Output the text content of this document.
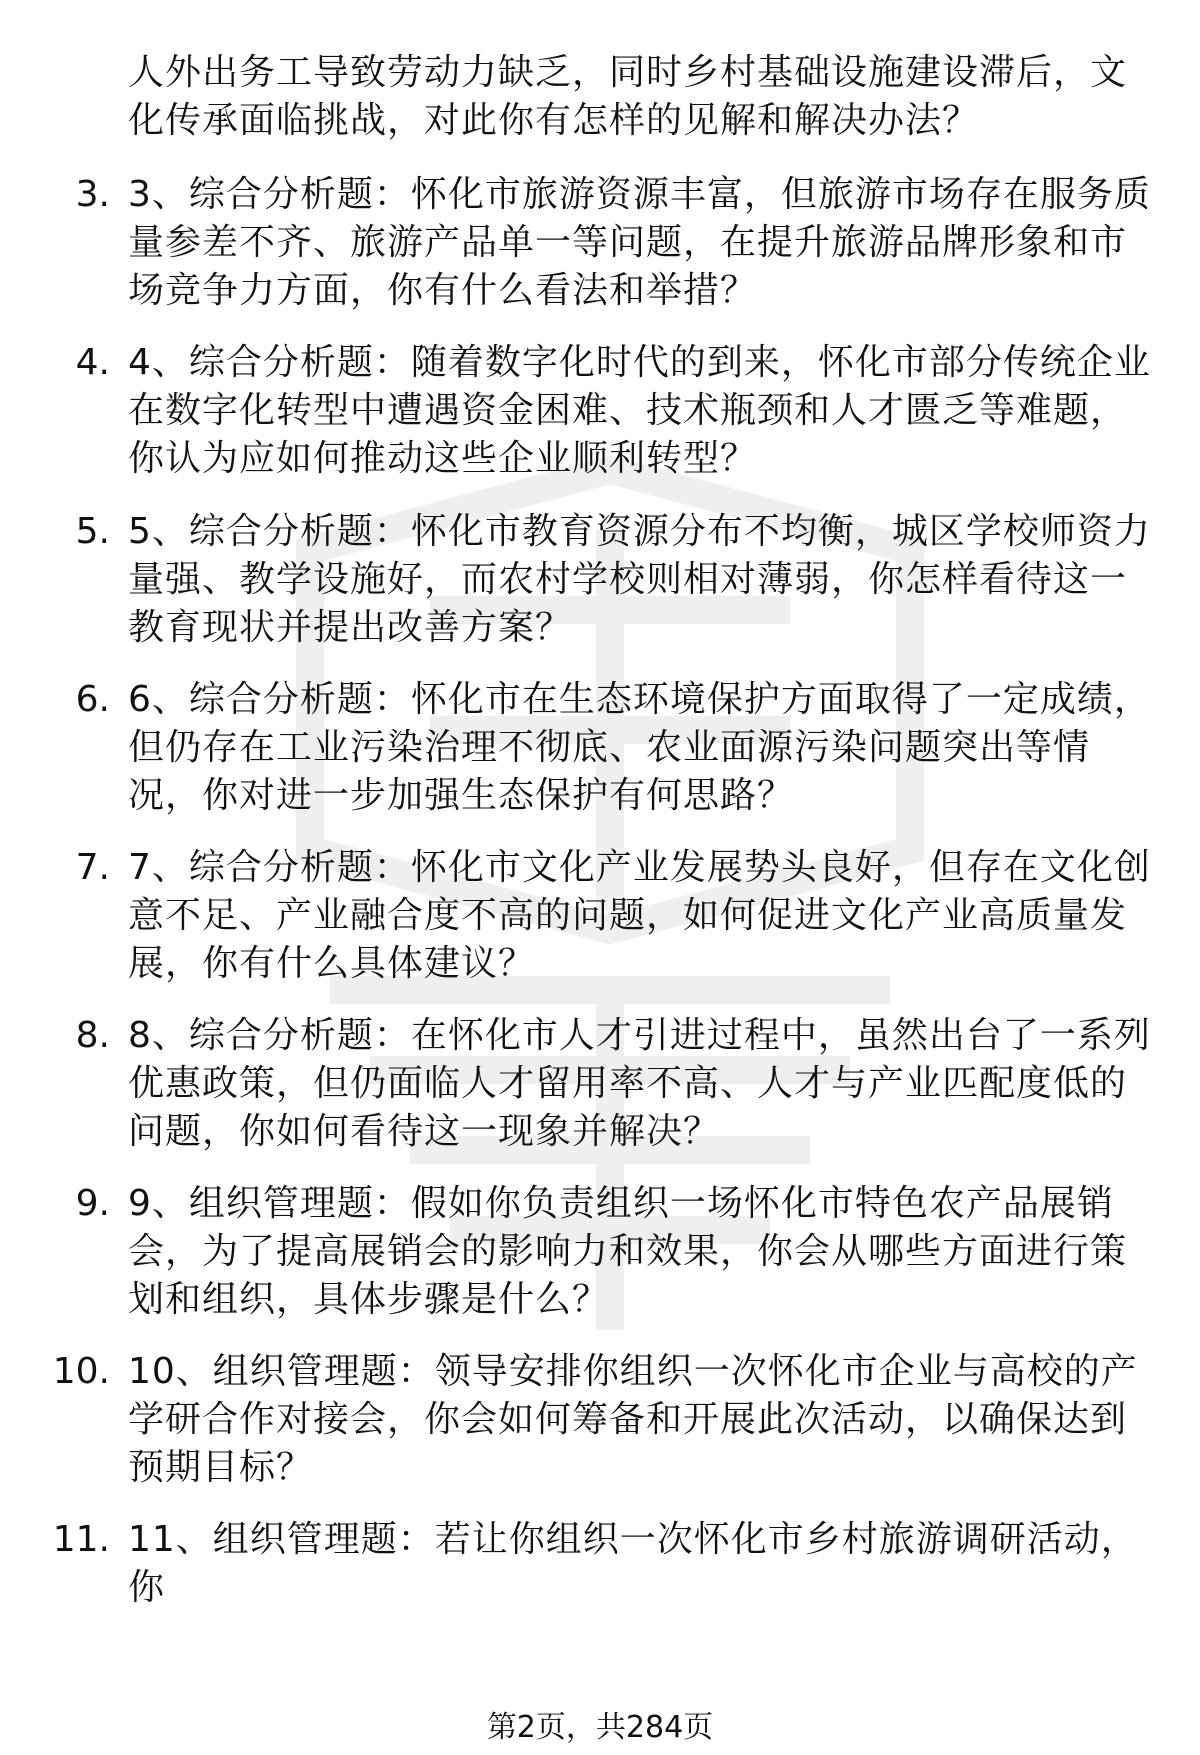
人外出务工导致劳动力缺乏，同时乡村基础设施建设滞后，文化传承面临挑战，对此你有怎样的见解和解决办法？
3. 3、综合分析题：怀化市旅游资源丰富，但旅游市场存在服务质量参差不齐、旅游产品单一等问题，在提升旅游品牌形象和市场竞争力方面，你有什么看法和举措？
4. 4、综合分析题：随着数字化时代的到来，怀化市部分传统企业在数字化转型中遭遇资金困难、技术瓶颈和人才匮乏等难题，你认为应如何推动这些企业顺利转型？
5. 5、综合分析题：怀化市教育资源分布不均衡，城区学校师资力量强、教学设施好，而农村学校则相对薄弱，你怎样看待这一教育现状并提出改善方案？
6. 6、综合分析题：怀化市在生态环境保护方面取得了一定成绩，但仍存在工业污染治理不彻底、农业面源污染问题突出等情况，你对进一步加强生态保护有何思路？
7. 7、综合分析题：怀化市文化产业发展势头良好，但存在文化创意不足、产业融合度不高的问题，如何促进文化产业高质量发展，你有什么具体建议？
8. 8、综合分析题：在怀化市人才引进过程中，虽然出台了一系列优惠政策，但仍面临人才留用率不高、人才与产业匹配度低的问题，你如何看待这一现象并解决？
9. 9、组织管理题：假如你负责组织一场怀化市特色农产品展销会，为了提高展销会的影响力和效果，你会从哪些方面进行策划和组织，具体步骤是什么？
10. 10、组织管理题：领导安排你组织一次怀化市企业与高校的产学研合作对接会，你会如何筹备和开展此次活动，以确保达到预期目标？
11. 11、组织管理题：若让你组织一次怀化市乡村旅游调研活动，你
第2页，共284页
